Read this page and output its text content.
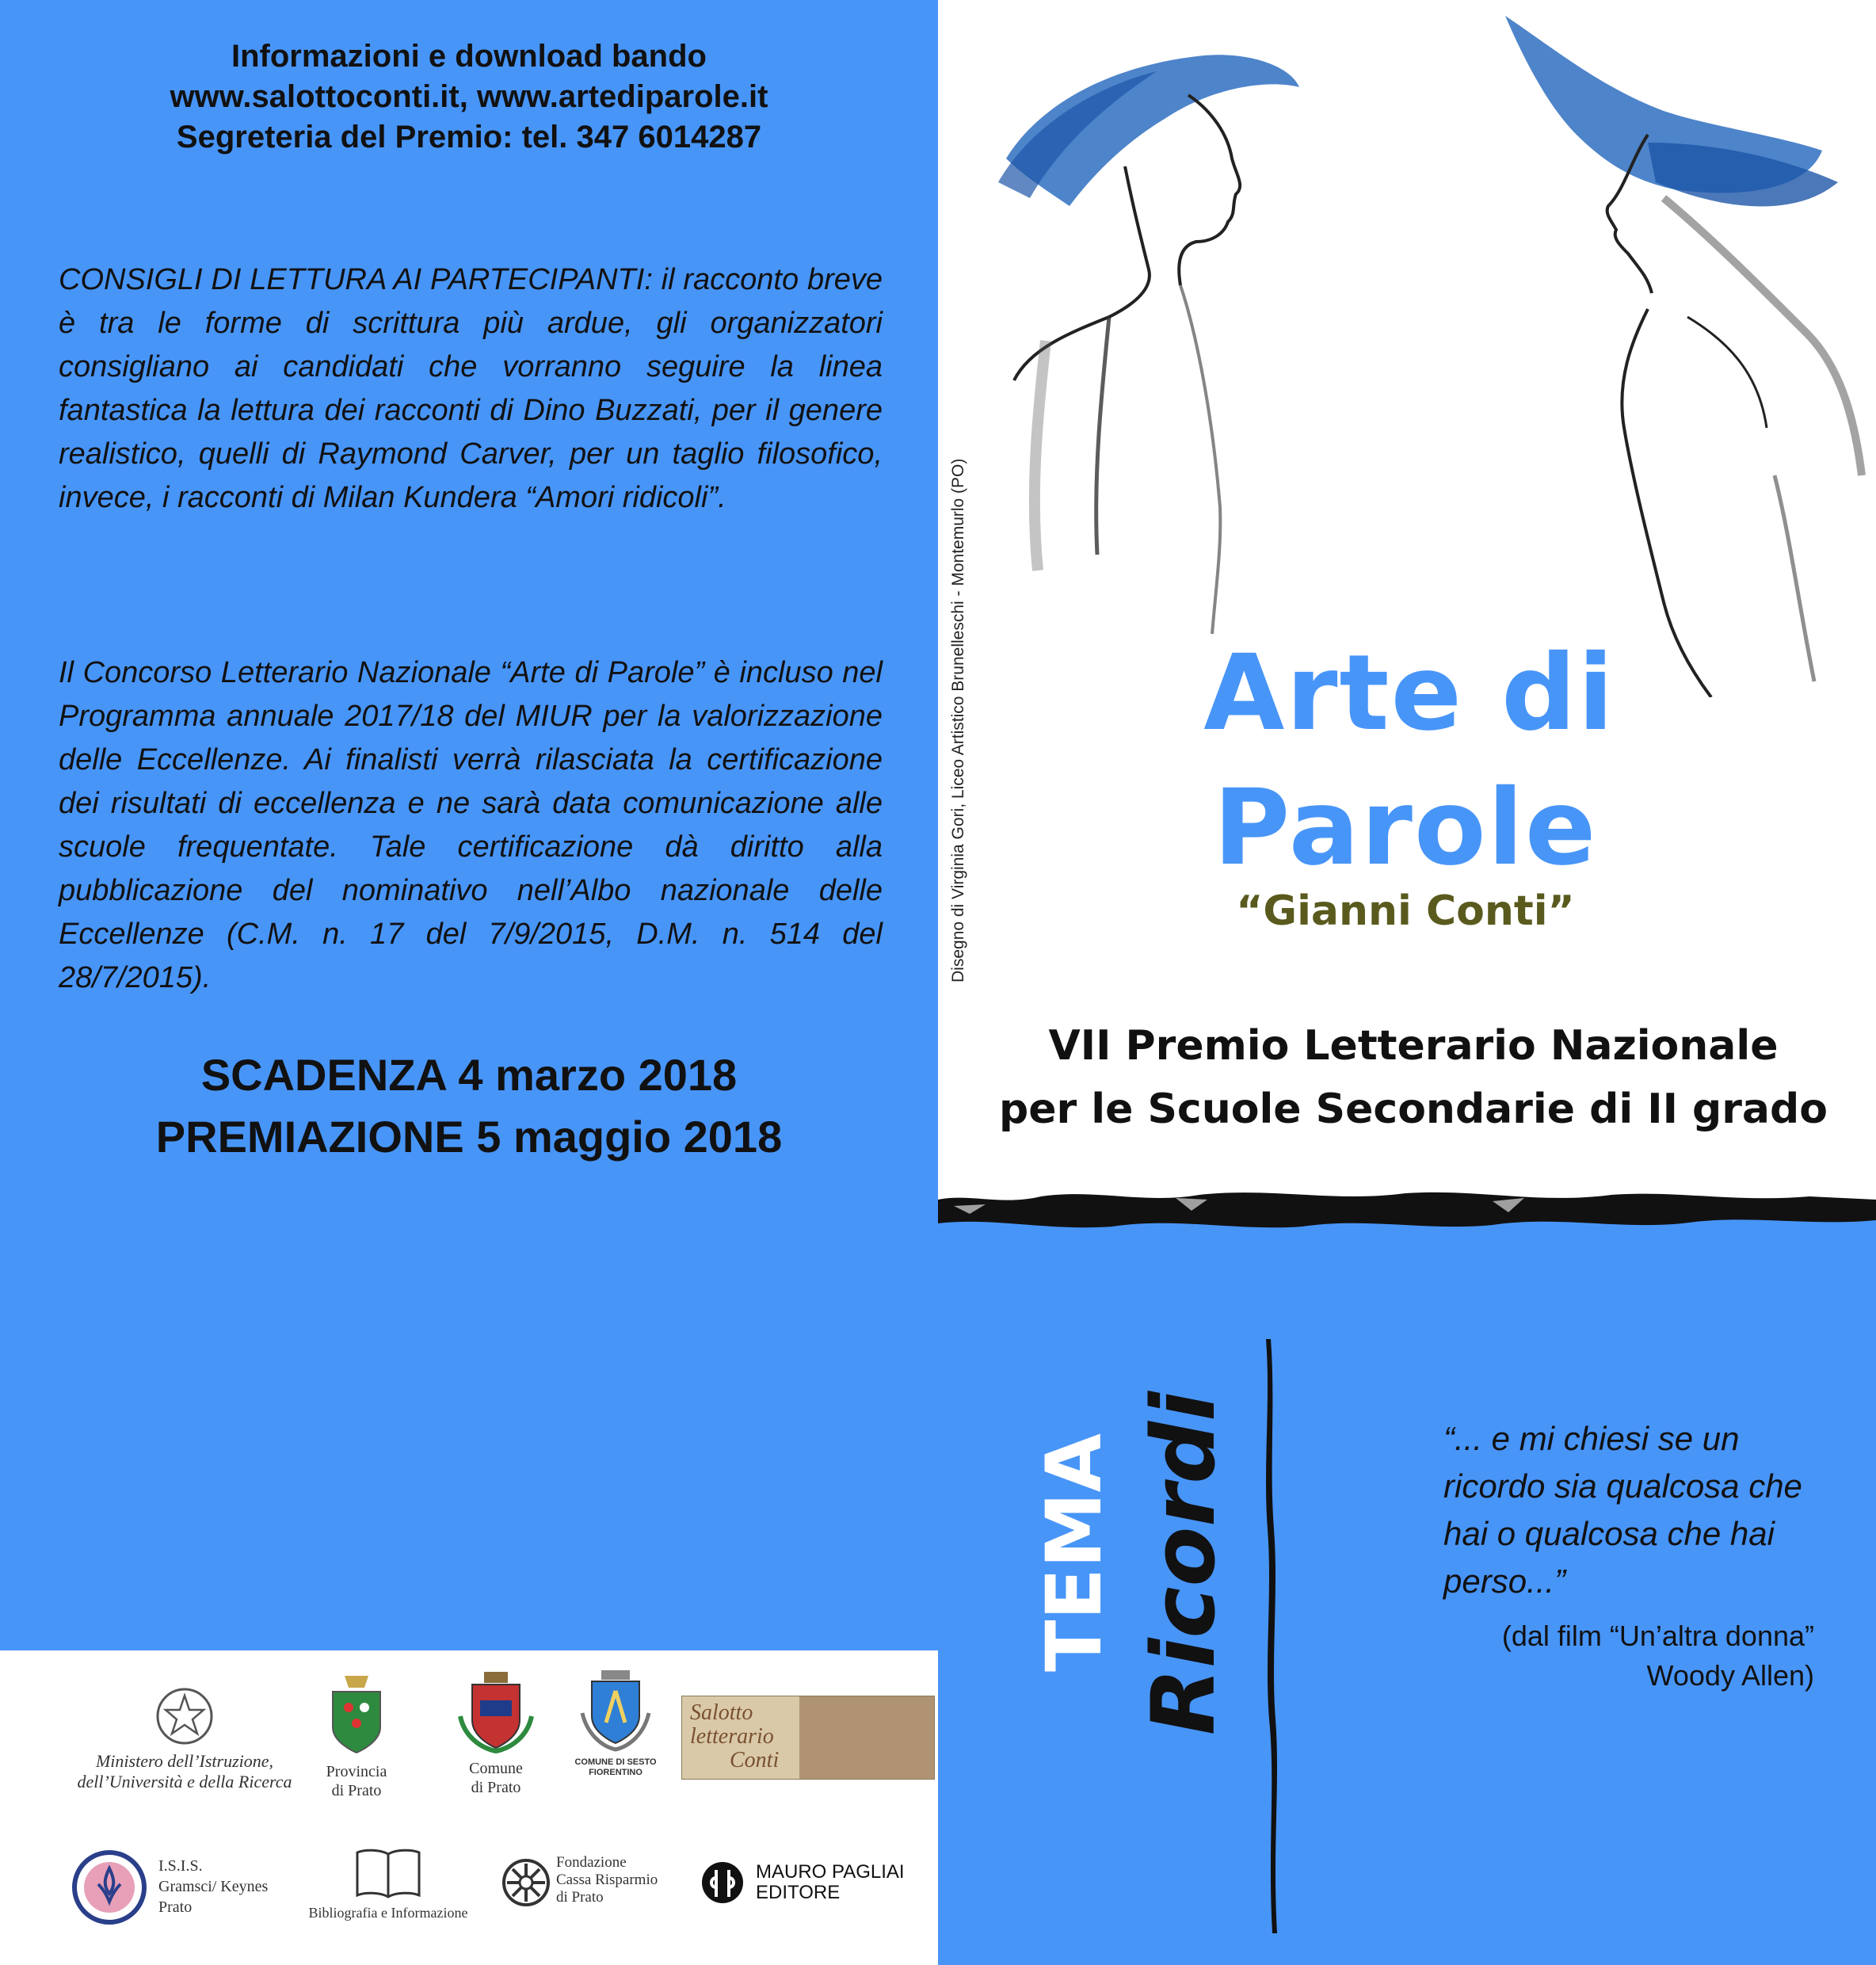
Informazioni e download bando
www.salottoconti.it, www.artediparole.it
Segreteria del Premio: tel. 347 6014287
CONSIGLI DI LETTURA AI PARTECIPANTI: il racconto breve è tra le forme di scrittura più ardue, gli organizzatori consigliano ai candidati che vorranno seguire la linea fantastica la lettura dei racconti di Dino Buzzati, per il genere realistico, quelli di Raymond Carver, per un taglio filosofico, invece, i racconti di Milan Kundera “Amori ridicoli”.
Il Concorso Letterario Nazionale “Arte di Parole” è incluso nel Programma annuale 2017/18 del MIUR per la valorizzazione delle Eccellenze. Ai finalisti verrà rilasciata la certificazione dei risultati di eccellenza e ne sarà data comunicazione alle scuole frequentate. Tale certificazione dà diritto alla pubblicazione del nominativo nell’Albo nazionale delle Eccellenze (C.M. n. 17 del 7/9/2015, D.M. n. 514 del 28/7/2015).
SCADENZA 4 marzo 2018
PREMIAZIONE 5 maggio 2018
Disegno di Virginia Gori, Liceo Artistico Brunelleschi - Montemurlo (PO)	Arte di
Parole
“Gianni Conti”
VII Premio Letterario Nazionale
per le Scuole Secondarie di II grado
TEMA Ricordi	“... e mi chiesi se un ricordo sia qualcosa che hai o qualcosa che hai perso...”
(dal film “Un’altra donna”
Woody Allen)
Ministero dell’Istruzione, dell’Università e della Ricerca	Provincia
di Prato
Comune
di Prato
COMUNE DI SESTO FIORENTINO
Salotto
letterario
Conti
I.S.I.S.
Gramsci/ Keynes
Prato	Bibliografia e Informazione
Fondazione
Cassa Risparmio
di Prato
MAURO PAGLIAI
EDITORE
